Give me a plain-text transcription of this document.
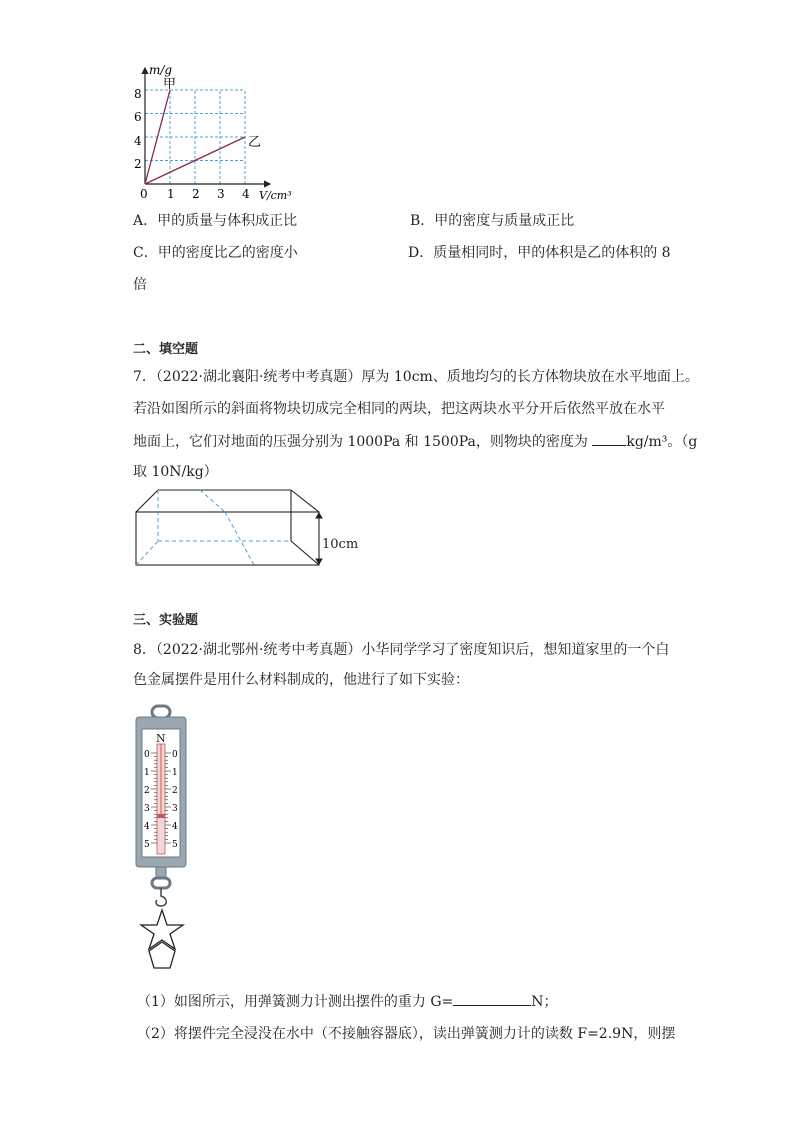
m/g
V/cm³
0
2
4
6
8
1 2 3 4
甲
乙
A．甲的质量与体积成正比	B．甲的密度与质量成正比
C．甲的密度比乙的密度小	D．质量相同时，甲的体积是乙的体积的 8
倍
二、填空题
7．（2022·湖北襄阳·统考中考真题）厚为 10cm、质地均匀的长方体物块放在水平地面上。
若沿如图所示的斜面将物块切成完全相同的两块，把这两块水平分开后依然平放在水平
地面上，它们对地面的压强分别为 1000Pa 和 1500Pa，则物块的密度为	kg/m³。（g
取 10N/kg）
10cm
三、实验题
8．（2022·湖北鄂州·统考中考真题）小华同学学习了密度知识后，想知道家里的一个白
色金属摆件是用什么材料制成的，他进行了如下实验：
N
0
1
2
3
4
5
0
1
2
3
4
5
（1）如图所示，用弹簧测力计测出摆件的重力 G=	N；
（2）将摆件完全浸没在水中（不接触容器底），读出弹簧测力计的读数 F=2.9N，则摆
